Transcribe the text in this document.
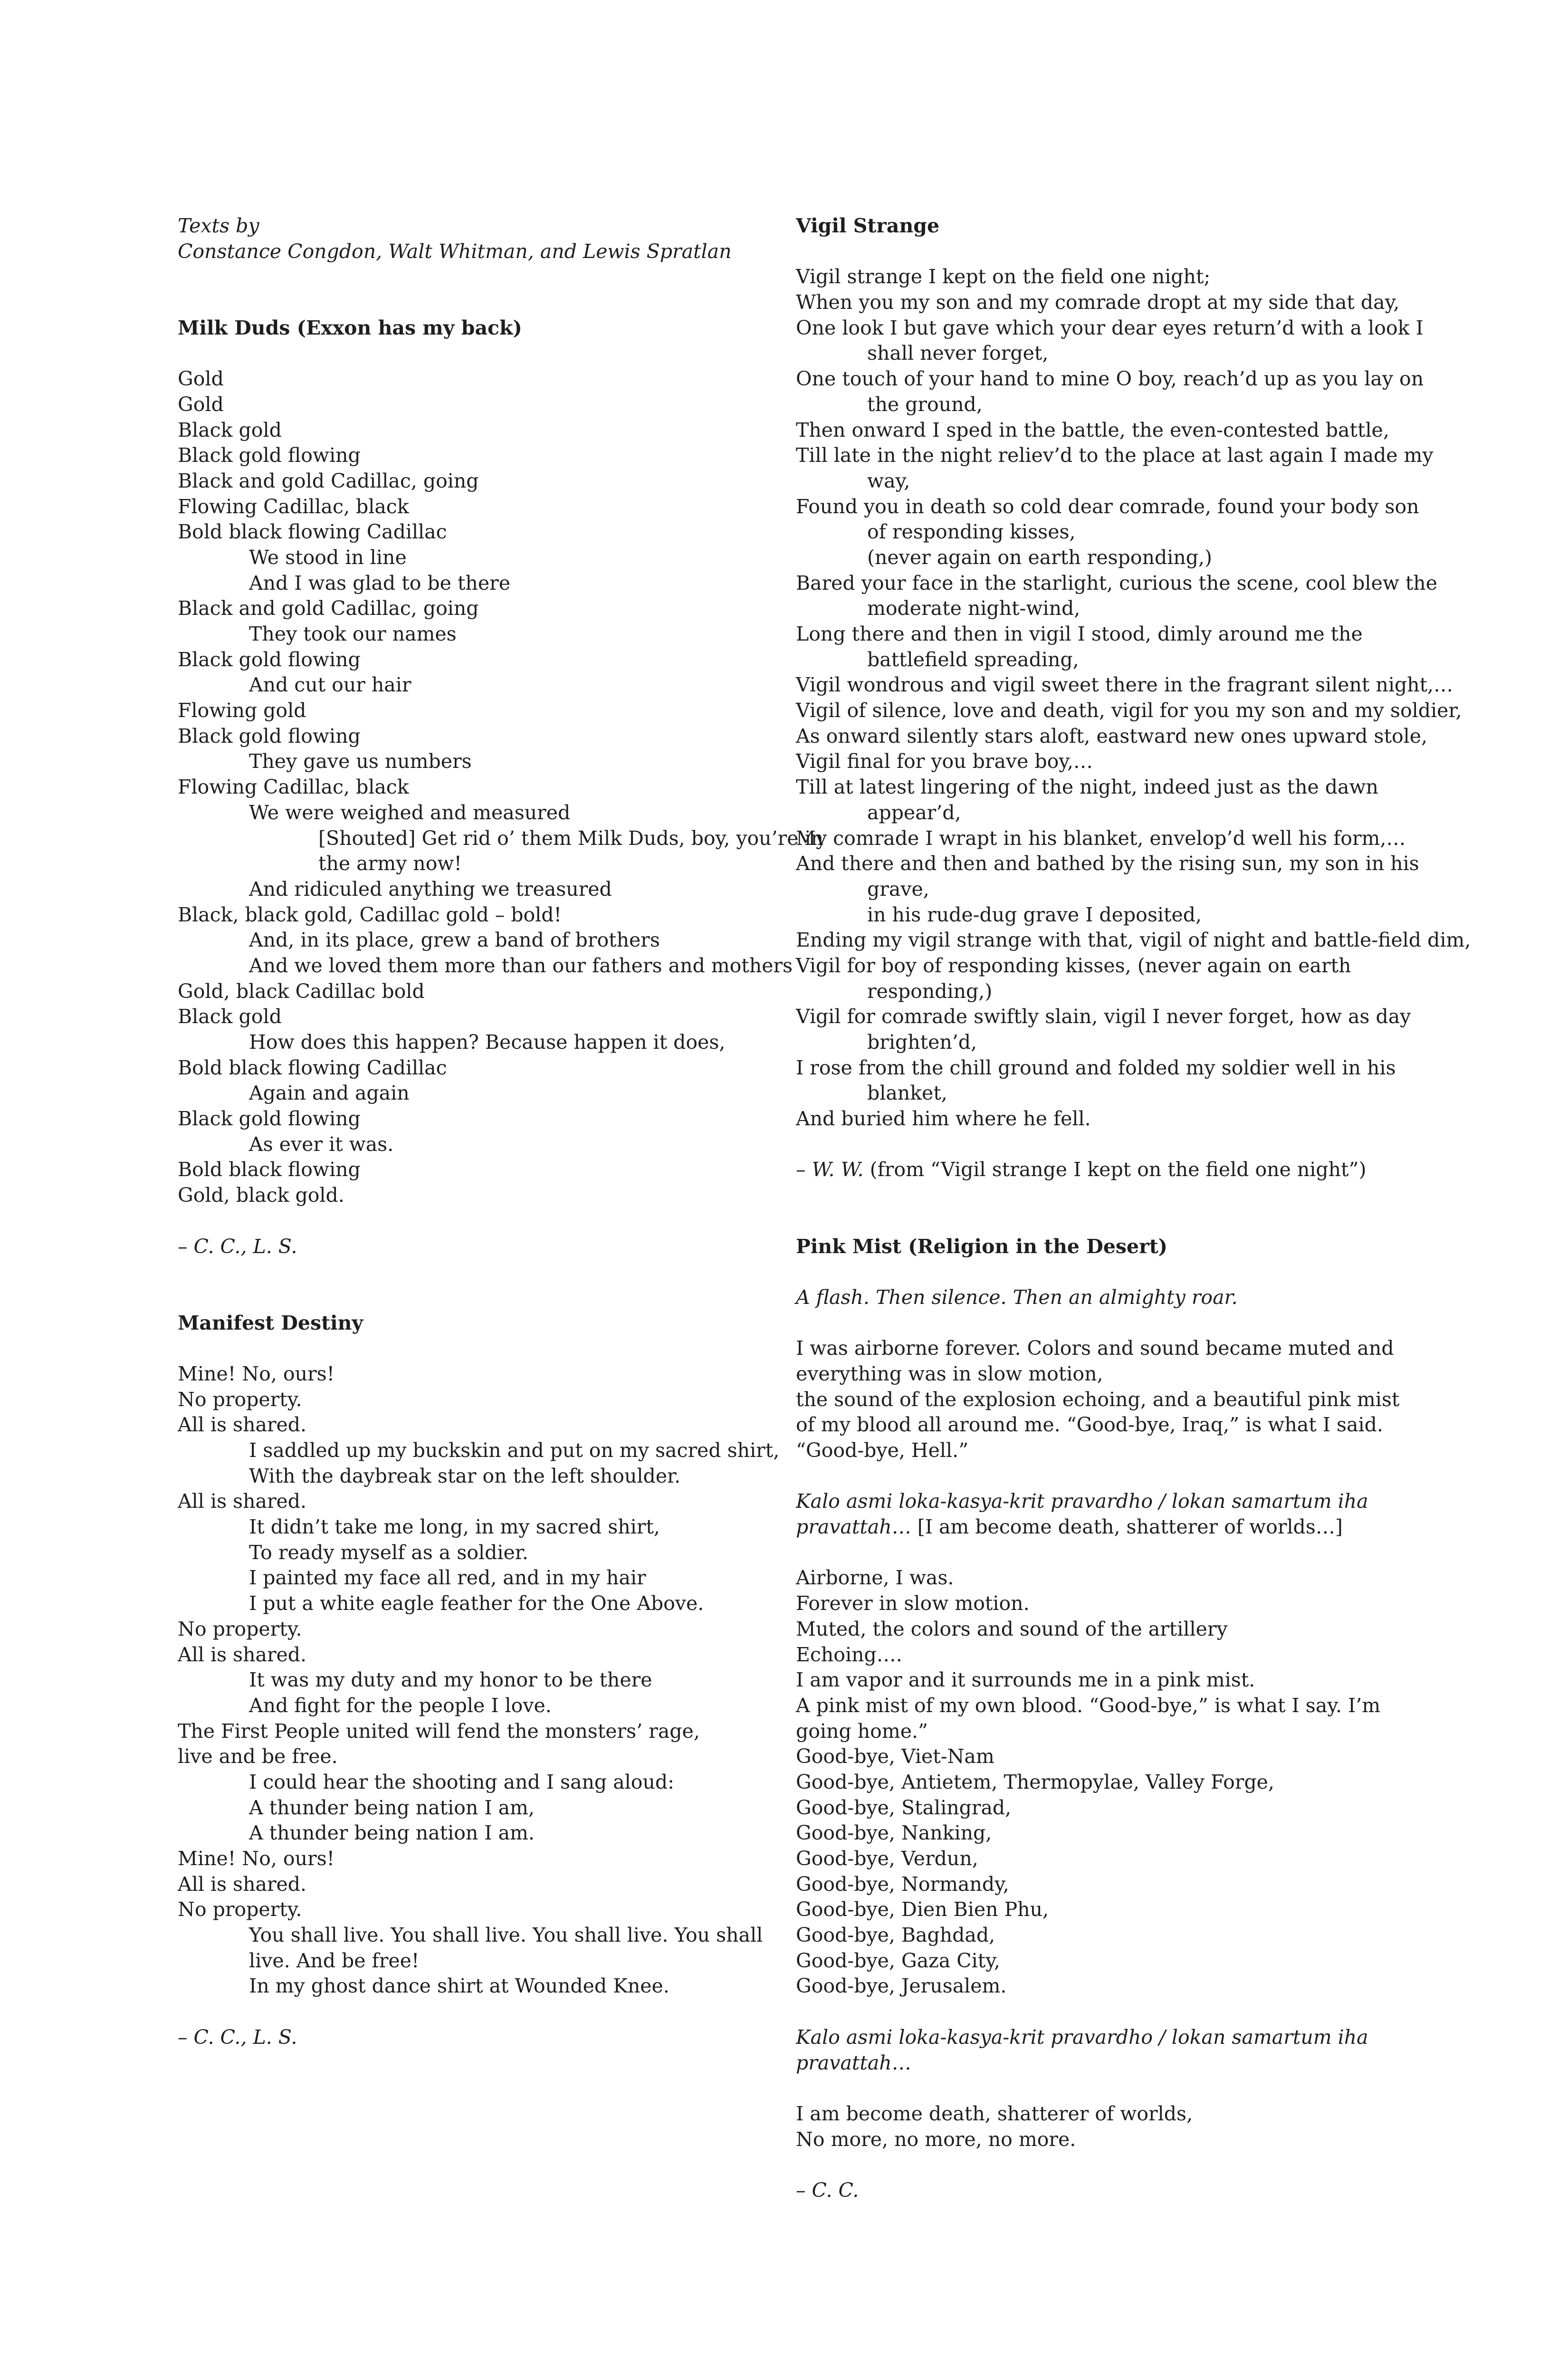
Texts by
Constance Congdon, Walt Whitman, and Lewis Spratlan
Milk Duds (Exxon has my back)
Gold
Gold
Black gold
Black gold flowing
Black and gold Cadillac, going
Flowing Cadillac, black
Bold black flowing Cadillac
We stood in line
And I was glad to be there
Black and gold Cadillac, going
They took our names
Black gold flowing
And cut our hair
Flowing gold
Black gold flowing
They gave us numbers
Flowing Cadillac, black
We were weighed and measured
[Shouted] Get rid o’ them Milk Duds, boy, you’re in
the army now!
And ridiculed anything we treasured
Black, black gold, Cadillac gold – bold!
And, in its place, grew a band of brothers
And we loved them more than our fathers and mothers
Gold, black Cadillac bold
Black gold
How does this happen? Because happen it does,
Bold black flowing Cadillac
Again and again
Black gold flowing
As ever it was.
Bold black flowing
Gold, black gold.
– C. C., L. S.
Manifest Destiny
Mine! No, ours!
No property.
All is shared.
I saddled up my buckskin and put on my sacred shirt,
With the daybreak star on the left shoulder.
All is shared.
It didn’t take me long, in my sacred shirt,
To ready myself as a soldier.
I painted my face all red, and in my hair
I put a white eagle feather for the One Above.
No property.
All is shared.
It was my duty and my honor to be there
And fight for the people I love.
The First People united will fend the monsters’ rage,
live and be free.
I could hear the shooting and I sang aloud:
A thunder being nation I am,
A thunder being nation I am.
Mine! No, ours!
All is shared.
No property.
You shall live. You shall live. You shall live. You shall
live. And be free!
In my ghost dance shirt at Wounded Knee.
– C. C., L. S.
Vigil Strange
Vigil strange I kept on the field one night;
When you my son and my comrade dropt at my side that day,
One look I but gave which your dear eyes return’d with a look I
shall never forget,
One touch of your hand to mine O boy, reach’d up as you lay on
the ground,
Then onward I sped in the battle, the even-contested battle,
Till late in the night reliev’d to the place at last again I made my
way,
Found you in death so cold dear comrade, found your body son
of responding kisses,
(never again on earth responding,)
Bared your face in the starlight, curious the scene, cool blew the
moderate night-wind,
Long there and then in vigil I stood, dimly around me the
battlefield spreading,
Vigil wondrous and vigil sweet there in the fragrant silent night,…
Vigil of silence, love and death, vigil for you my son and my soldier,
As onward silently stars aloft, eastward new ones upward stole,
Vigil final for you brave boy,…
Till at latest lingering of the night, indeed just as the dawn
appear’d,
My comrade I wrapt in his blanket, envelop’d well his form,…
And there and then and bathed by the rising sun, my son in his
grave,
in his rude-dug grave I deposited,
Ending my vigil strange with that, vigil of night and battle-field dim,
Vigil for boy of responding kisses, (never again on earth
responding,)
Vigil for comrade swiftly slain, vigil I never forget, how as day
brighten’d,
I rose from the chill ground and folded my soldier well in his
blanket,
And buried him where he fell.
– W. W. (from “Vigil strange I kept on the field one night”)
Pink Mist (Religion in the Desert)
A flash. Then silence. Then an almighty roar.
I was airborne forever. Colors and sound became muted and
everything was in slow motion,
the sound of the explosion echoing, and a beautiful pink mist
of my blood all around me. “Good-bye, Iraq,” is what I said.
“Good-bye, Hell.”
Kalo asmi loka-kasya-krit pravardho / lokan samartum iha
pravattah… [I am become death, shatterer of worlds…]
Airborne, I was.
Forever in slow motion.
Muted, the colors and sound of the artillery
Echoing….
I am vapor and it surrounds me in a pink mist.
A pink mist of my own blood. “Good-bye,” is what I say. I’m
going home.”
Good-bye, Viet-Nam
Good-bye, Antietem, Thermopylae, Valley Forge,
Good-bye, Stalingrad,
Good-bye, Nanking,
Good-bye, Verdun,
Good-bye, Normandy,
Good-bye, Dien Bien Phu,
Good-bye, Baghdad,
Good-bye, Gaza City,
Good-bye, Jerusalem.
Kalo asmi loka-kasya-krit pravardho / lokan samartum iha
pravattah…
I am become death, shatterer of worlds,
No more, no more, no more.
– C. C.
